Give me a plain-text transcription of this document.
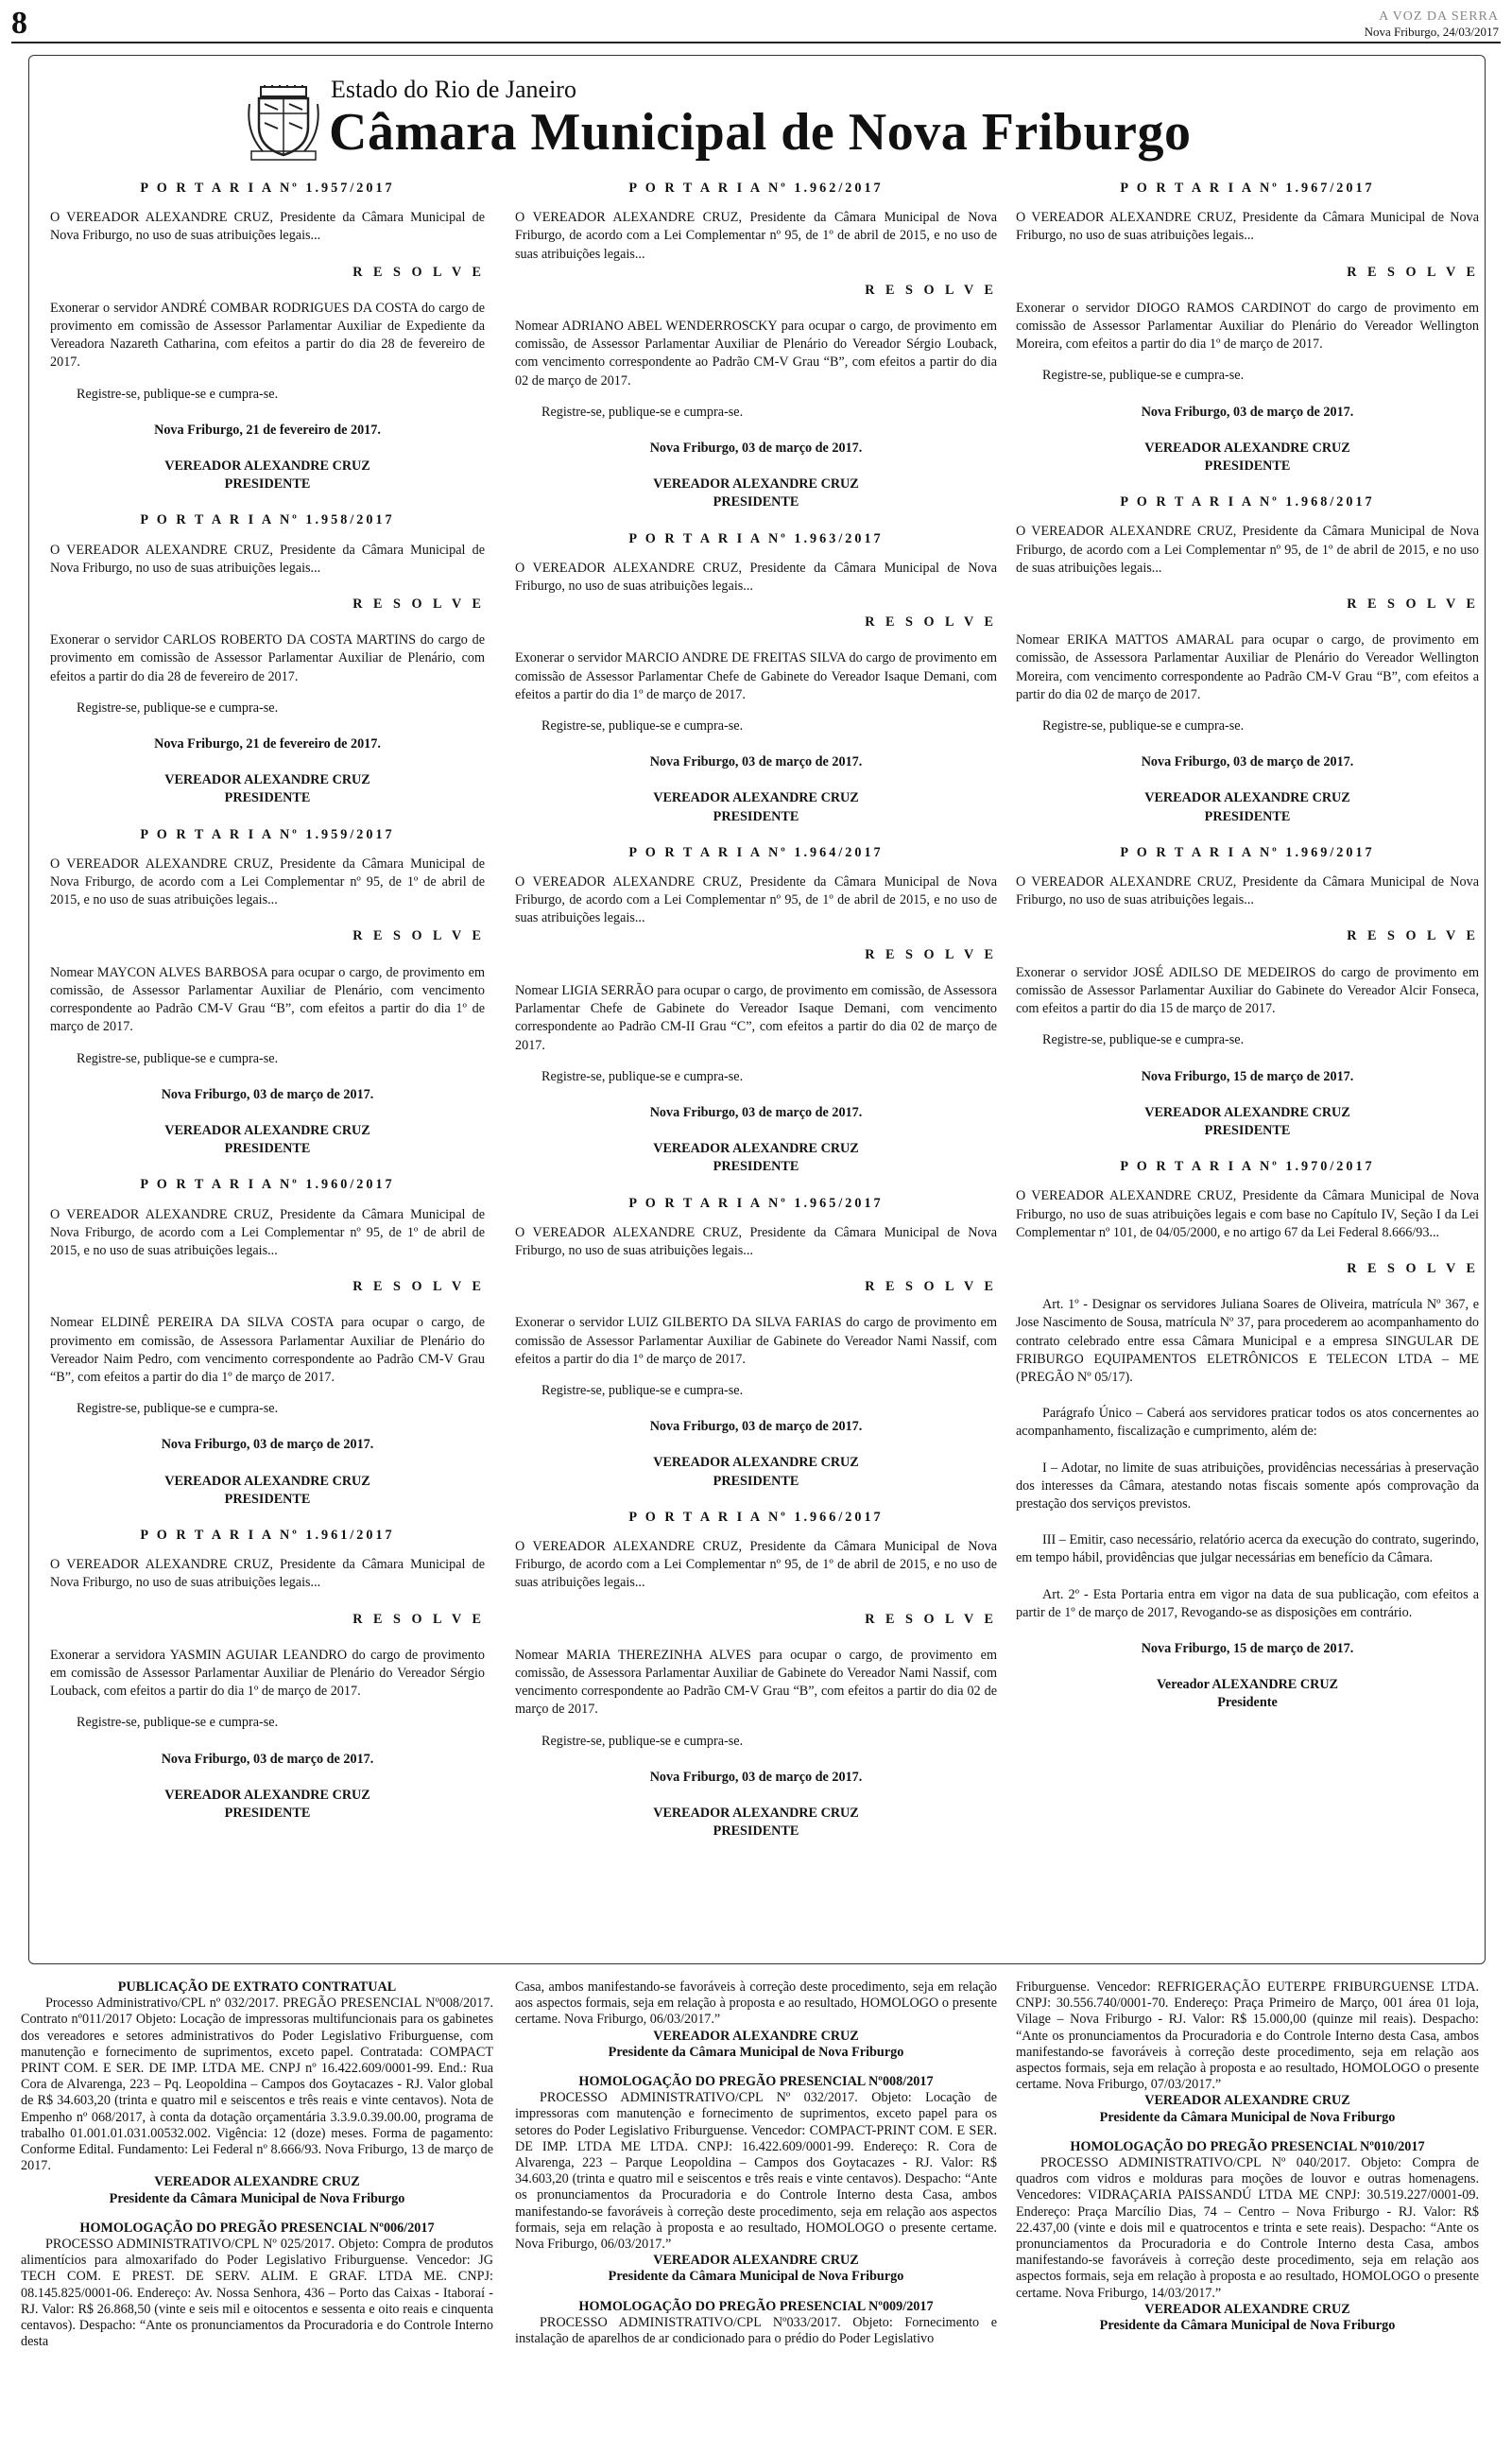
8	A VOZ DA SERRA
Nova Friburgo, 24/03/2017
Estado do Rio de Janeiro
Câmara Municipal de Nova Friburgo

P O R T A R I A Nº 1.957/2017

O VEREADOR ALEXANDRE CRUZ, Presidente da Câmara Municipal de Nova Friburgo, no uso de suas atribuições legais...

R E S O L V E

Exonerar o servidor ANDRÉ COMBAR RODRIGUES DA COSTA do cargo de provimento em comissão de Assessor Parlamentar Auxiliar de Expediente da Vereadora Nazareth Catharina, com efeitos a partir do dia 28 de fevereiro de 2017.

Registre-se, publique-se e cumpra-se.

Nova Friburgo, 21 de fevereiro de 2017.

VEREADOR ALEXANDRE CRUZ

PRESIDENTE

P O R T A R I A Nº 1.958/2017

O VEREADOR ALEXANDRE CRUZ, Presidente da Câmara Municipal de Nova Friburgo, no uso de suas atribuições legais...

R E S O L V E

Exonerar o servidor CARLOS ROBERTO DA COSTA MARTINS do cargo de provimento em comissão de Assessor Parlamentar Auxiliar de Plenário, com efeitos a partir do dia 28 de fevereiro de 2017.

Registre-se, publique-se e cumpra-se.

Nova Friburgo, 21 de fevereiro de 2017.

VEREADOR ALEXANDRE CRUZ

PRESIDENTE

P O R T A R I A Nº 1.959/2017

O VEREADOR ALEXANDRE CRUZ, Presidente da Câmara Municipal de Nova Friburgo, de acordo com a Lei Complementar nº 95, de 1º de abril de 2015, e no uso de suas atribuições legais...

R E S O L V E

Nomear MAYCON ALVES BARBOSA para ocupar o cargo, de provimento em comissão, de Assessor Parlamentar Auxiliar de Plenário, com vencimento correspondente ao Padrão CM-V Grau “B”, com efeitos a partir do dia 1º de março de 2017.

Registre-se, publique-se e cumpra-se.

Nova Friburgo, 03 de março de 2017.

VEREADOR ALEXANDRE CRUZ

PRESIDENTE

P O R T A R I A Nº 1.960/2017

O VEREADOR ALEXANDRE CRUZ, Presidente da Câmara Municipal de Nova Friburgo, de acordo com a Lei Complementar nº 95, de 1º de abril de 2015, e no uso de suas atribuições legais...

R E S O L V E

Nomear ELDINÊ PEREIRA DA SILVA COSTA para ocupar o cargo, de provimento em comissão, de Assessora Parlamentar Auxiliar de Plenário do Vereador Naim Pedro, com vencimento correspondente ao Padrão CM-V Grau “B”, com efeitos a partir do dia 1º de março de 2017.

Registre-se, publique-se e cumpra-se.

Nova Friburgo, 03 de março de 2017.

VEREADOR ALEXANDRE CRUZ

PRESIDENTE

P O R T A R I A Nº 1.961/2017

O VEREADOR ALEXANDRE CRUZ, Presidente da Câmara Municipal de Nova Friburgo, no uso de suas atribuições legais...

R E S O L V E

Exonerar a servidora YASMIN AGUIAR LEANDRO do cargo de provimento em comissão de Assessor Parlamentar Auxiliar de Plenário do Vereador Sérgio Louback, com efeitos a partir do dia 1º de março de 2017.

Registre-se, publique-se e cumpra-se.

Nova Friburgo, 03 de março de 2017.

VEREADOR ALEXANDRE CRUZ

PRESIDENTE

P O R T A R I A Nº 1.962/2017

O VEREADOR ALEXANDRE CRUZ, Presidente da Câmara Municipal de Nova Friburgo, de acordo com a Lei Complementar nº 95, de 1º de abril de 2015, e no uso de suas atribuições legais...

R E S O L V E

Nomear ADRIANO ABEL WENDERROSCKY para ocupar o cargo, de provimento em comissão, de Assessor Parlamentar Auxiliar de Plenário do Vereador Sérgio Louback, com vencimento correspondente ao Padrão CM-V Grau “B”, com efeitos a partir do dia 02 de março de 2017.

Registre-se, publique-se e cumpra-se.

Nova Friburgo, 03 de março de 2017.

VEREADOR ALEXANDRE CRUZ

PRESIDENTE

P O R T A R I A Nº 1.963/2017

O VEREADOR ALEXANDRE CRUZ, Presidente da Câmara Municipal de Nova Friburgo, no uso de suas atribuições legais...

R E S O L V E

Exonerar o servidor MARCIO ANDRE DE FREITAS SILVA do cargo de provimento em comissão de Assessor Parlamentar Chefe de Gabinete do Vereador Isaque Demani, com efeitos a partir do dia 1º de março de 2017.

Registre-se, publique-se e cumpra-se.

Nova Friburgo, 03 de março de 2017.

VEREADOR ALEXANDRE CRUZ

PRESIDENTE

P O R T A R I A Nº 1.964/2017

O VEREADOR ALEXANDRE CRUZ, Presidente da Câmara Municipal de Nova Friburgo, de acordo com a Lei Complementar nº 95, de 1º de abril de 2015, e no uso de suas atribuições legais...

R E S O L V E

Nomear LIGIA SERRÃO para ocupar o cargo, de provimento em comissão, de Assessora Parlamentar Chefe de Gabinete do Vereador Isaque Demani, com vencimento correspondente ao Padrão CM-II Grau “C”, com efeitos a partir do dia 02 de março de 2017.

Registre-se, publique-se e cumpra-se.

Nova Friburgo, 03 de março de 2017.

VEREADOR ALEXANDRE CRUZ

PRESIDENTE

P O R T A R I A Nº 1.965/2017

O VEREADOR ALEXANDRE CRUZ, Presidente da Câmara Municipal de Nova Friburgo, no uso de suas atribuições legais...

R E S O L V E

Exonerar o servidor LUIZ GILBERTO DA SILVA FARIAS do cargo de provimento em comissão de Assessor Parlamentar Auxiliar de Gabinete do Vereador Nami Nassif, com efeitos a partir do dia 1º de março de 2017.

Registre-se, publique-se e cumpra-se.

Nova Friburgo, 03 de março de 2017.

VEREADOR ALEXANDRE CRUZ

PRESIDENTE

P O R T A R I A Nº 1.966/2017

O VEREADOR ALEXANDRE CRUZ, Presidente da Câmara Municipal de Nova Friburgo, de acordo com a Lei Complementar nº 95, de 1º de abril de 2015, e no uso de suas atribuições legais...

R E S O L V E

Nomear MARIA THEREZINHA ALVES para ocupar o cargo, de provimento em comissão, de Assessora Parlamentar Auxiliar de Gabinete do Vereador Nami Nassif, com vencimento correspondente ao Padrão CM-V Grau “B”, com efeitos a partir do dia 02 de março de 2017.

Registre-se, publique-se e cumpra-se.

Nova Friburgo, 03 de março de 2017.

VEREADOR ALEXANDRE CRUZ

PRESIDENTE

P O R T A R I A Nº 1.967/2017

O VEREADOR ALEXANDRE CRUZ, Presidente da Câmara Municipal de Nova Friburgo, no uso de suas atribuições legais...

R E S O L V E

Exonerar o servidor DIOGO RAMOS CARDINOT do cargo de provimento em comissão de Assessor Parlamentar Auxiliar do Plenário do Vereador Wellington Moreira, com efeitos a partir do dia 1º de março de 2017.

Registre-se, publique-se e cumpra-se.

Nova Friburgo, 03 de março de 2017.

VEREADOR ALEXANDRE CRUZ

PRESIDENTE

P O R T A R I A Nº 1.968/2017

O VEREADOR ALEXANDRE CRUZ, Presidente da Câmara Municipal de Nova Friburgo, de acordo com a Lei Complementar nº 95, de 1º de abril de 2015, e no uso de suas atribuições legais...

R E S O L V E

Nomear ERIKA MATTOS AMARAL para ocupar o cargo, de provimento em comissão, de Assessora Parlamentar Auxiliar de Plenário do Vereador Wellington Moreira, com vencimento correspondente ao Padrão CM-V Grau “B”, com efeitos a partir do dia 02 de março de 2017.

Registre-se, publique-se e cumpra-se.

Nova Friburgo, 03 de março de 2017.

VEREADOR ALEXANDRE CRUZ

PRESIDENTE

P O R T A R I A Nº 1.969/2017

O VEREADOR ALEXANDRE CRUZ, Presidente da Câmara Municipal de Nova Friburgo, no uso de suas atribuições legais...

R E S O L V E

Exonerar o servidor JOSÉ ADILSO DE MEDEIROS do cargo de provimento em comissão de Assessor Parlamentar Auxiliar do Gabinete do Vereador Alcir Fonseca, com efeitos a partir do dia 15 de março de 2017.

Registre-se, publique-se e cumpra-se.

Nova Friburgo, 15 de março de 2017.

VEREADOR ALEXANDRE CRUZ

PRESIDENTE

P O R T A R I A Nº 1.970/2017

O VEREADOR ALEXANDRE CRUZ, Presidente da Câmara Municipal de Nova Friburgo, no uso de suas atribuições legais e com base no Capítulo IV, Seção I da Lei Complementar nº 101, de 04/05/2000, e no artigo 67 da Lei Federal 8.666/93...

R E S O L V E

Art. 1º - Designar os servidores Juliana Soares de Oliveira, matrícula Nº 367, e Jose Nascimento de Sousa, matrícula Nº 37, para procederem ao acompanhamento do contrato celebrado entre essa Câmara Municipal e a empresa SINGULAR DE FRIBURGO EQUIPAMENTOS ELETRÔNICOS E TELECON LTDA – ME (PREGÃO Nº 05/17).

Parágrafo Único – Caberá aos servidores praticar todos os atos concernentes ao acompanhamento, fiscalização e cumprimento, além de:

I – Adotar, no limite de suas atribuições, providências necessárias à preservação dos interesses da Câmara, atestando notas fiscais somente após comprovação da prestação dos serviços previstos.

III – Emitir, caso necessário, relatório acerca da execução do contrato, sugerindo, em tempo hábil, providências que julgar necessárias em benefício da Câmara.

Art. 2º - Esta Portaria entra em vigor na data de sua publicação, com efeitos a partir de 1º de março de 2017, Revogando-se as disposições em contrário.

Nova Friburgo, 15 de março de 2017.

Vereador ALEXANDRE CRUZ

Presidente

PUBLICAÇÃO DE EXTRATO CONTRATUAL

Processo Administrativo/CPL nº 032/2017. PREGÃO PRESENCIAL Nº008/2017. Contrato nº011/2017 Objeto: Locação de impressoras multifuncionais para os gabinetes dos vereadores e setores administrativos do Poder Legislativo Friburguense, com manutenção e fornecimento de suprimentos, exceto papel. Contratada: COMPACT PRINT COM. E SER. DE IMP. LTDA ME. CNPJ nº 16.422.609/0001-99. End.: Rua Cora de Alvarenga, 223 – Pq. Leopoldina – Campos dos Goytacazes - RJ. Valor global de R$ 34.603,20 (trinta e quatro mil e seiscentos e três reais e vinte centavos). Nota de Empenho nº 068/2017, à conta da dotação orçamentária 3.3.9.0.39.00.00, programa de trabalho 01.001.01.031.00532.002. Vigência: 12 (doze) meses. Forma de pagamento: Conforme Edital. Fundamento: Lei Federal nº 8.666/93. Nova Friburgo, 13 de março de 2017.

VEREADOR ALEXANDRE CRUZ

Presidente da Câmara Municipal de Nova Friburgo

HOMOLOGAÇÃO DO PREGÃO PRESENCIAL Nº006/2017

PROCESSO ADMINISTRATIVO/CPL Nº 025/2017. Objeto: Compra de produtos alimentícios para almoxarifado do Poder Legislativo Friburguense. Vencedor: JG TECH COM. E PREST. DE SERV. ALIM. E GRAF. LTDA ME. CNPJ: 08.145.825/0001-06. Endereço: Av. Nossa Senhora, 436 – Porto das Caixas - Itaboraí - RJ. Valor: R$ 26.868,50 (vinte e seis mil e oitocentos e sessenta e oito reais e cinquenta centavos). Despacho: “Ante os pronunciamentos da Procuradoria e do Controle Interno desta

Casa, ambos manifestando-se favoráveis à correção deste procedimento, seja em relação aos aspectos formais, seja em relação à proposta e ao resultado, HOMOLOGO o presente certame. Nova Friburgo, 06/03/2017.”

VEREADOR ALEXANDRE CRUZ

Presidente da Câmara Municipal de Nova Friburgo

HOMOLOGAÇÃO DO PREGÃO PRESENCIAL Nº008/2017

PROCESSO ADMINISTRATIVO/CPL Nº 032/2017. Objeto: Locação de impressoras com manutenção e fornecimento de suprimentos, exceto papel para os setores do Poder Legislativo Friburguense. Vencedor: COMPACT-PRINT COM. E SER. DE IMP. LTDA ME LTDA. CNPJ: 16.422.609/0001-99. Endereço: R. Cora de Alvarenga, 223 – Parque Leopoldina – Campos dos Goytacazes - RJ. Valor: R$ 34.603,20 (trinta e quatro mil e seiscentos e três reais e vinte centavos). Despacho: “Ante os pronunciamentos da Procuradoria e do Controle Interno desta Casa, ambos manifestando-se favoráveis à correção deste procedimento, seja em relação aos aspectos formais, seja em relação à proposta e ao resultado, HOMOLOGO o presente certame. Nova Friburgo, 06/03/2017.”

VEREADOR ALEXANDRE CRUZ

Presidente da Câmara Municipal de Nova Friburgo

HOMOLOGAÇÃO DO PREGÃO PRESENCIAL Nº009/2017

PROCESSO ADMINISTRATIVO/CPL Nº033/2017. Objeto: Fornecimento e instalação de aparelhos de ar condicionado para o prédio do Poder Legislativo

Friburguense. Vencedor: REFRIGERAÇÃO EUTERPE FRIBURGUENSE LTDA. CNPJ: 30.556.740/0001-70. Endereço: Praça Primeiro de Março, 001 área 01 loja, Vilage – Nova Friburgo - RJ. Valor: R$ 15.000,00 (quinze mil reais). Despacho: “Ante os pronunciamentos da Procuradoria e do Controle Interno desta Casa, ambos manifestando-se favoráveis à correção deste procedimento, seja em relação aos aspectos formais, seja em relação à proposta e ao resultado, HOMOLOGO o presente certame. Nova Friburgo, 07/03/2017.”

VEREADOR ALEXANDRE CRUZ

Presidente da Câmara Municipal de Nova Friburgo

HOMOLOGAÇÃO DO PREGÃO PRESENCIAL Nº010/2017

PROCESSO ADMINISTRATIVO/CPL Nº 040/2017. Objeto: Compra de quadros com vidros e molduras para moções de louvor e outras homenagens. Vencedores: VIDRAÇARIA PAISSANDÚ LTDA ME CNPJ: 30.519.227/0001-09. Endereço: Praça Marcílio Dias, 74 – Centro – Nova Friburgo - RJ. Valor: R$ 22.437,00 (vinte e dois mil e quatrocentos e trinta e sete reais). Despacho: “Ante os pronunciamentos da Procuradoria e do Controle Interno desta Casa, ambos manifestando-se favoráveis à correção deste procedimento, seja em relação aos aspectos formais, seja em relação à proposta e ao resultado, HOMOLOGO o presente certame. Nova Friburgo, 14/03/2017.”

VEREADOR ALEXANDRE CRUZ

Presidente da Câmara Municipal de Nova Friburgo
